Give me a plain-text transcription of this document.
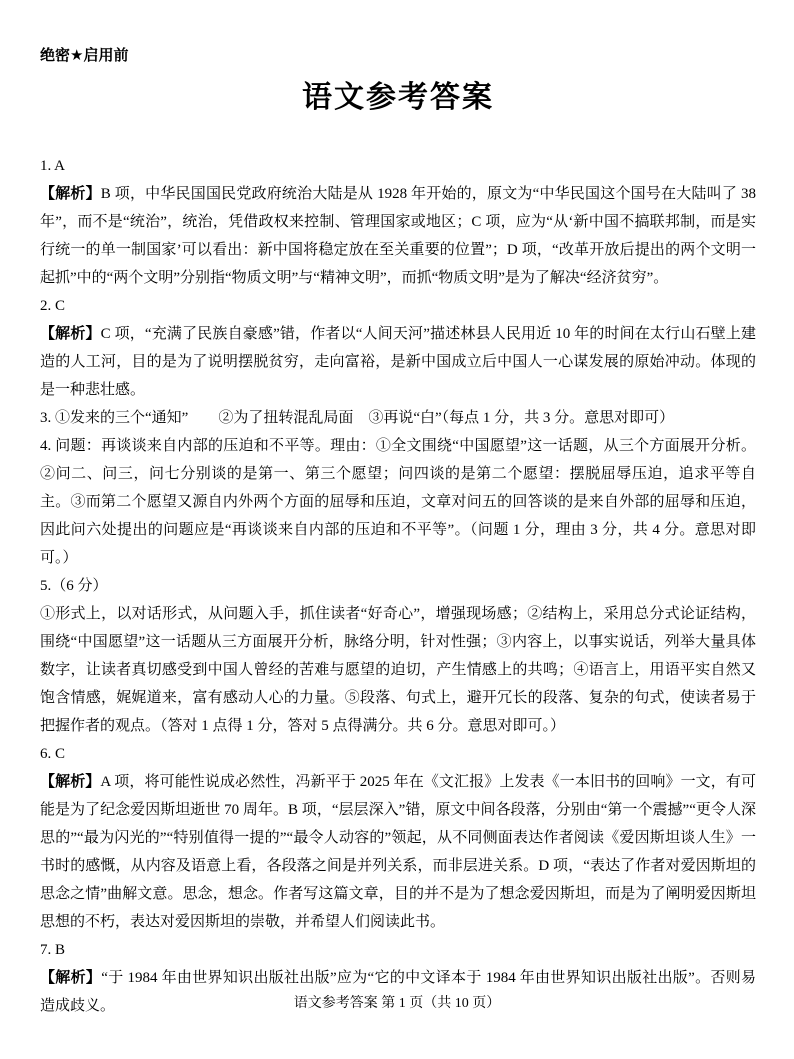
绝密★启用前
语文参考答案

1. A

【解析】B 项，中华民国国民党政府统治大陆是从 1928 年开始的，原文为“中华民国这个国号在大陆叫了 38 年”，而不是“统治”，统治，凭借政权来控制、管理国家或地区；C 项，应为“从‘新中国不搞联邦制，而是实行统一的单一制国家’可以看出：新中国将稳定放在至关重要的位置”；D 项，“改革开放后提出的两个文明一起抓”中的“两个文明”分别指“物质文明”与“精神文明”，而抓“物质文明”是为了解决“经济贫穷”。

2. C

【解析】C 项，“充满了民族自豪感”错，作者以“人间天河”描述林县人民用近 10 年的时间在太行山石壁上建造的人工河，目的是为了说明摆脱贫穷，走向富裕，是新中国成立后中国人一心谋发展的原始冲动。体现的是一种悲壮感。

3. ①发来的三个“通知”　　②为了扭转混乱局面　③再说“白”（每点 1 分，共 3 分。意思对即可）

4. 问题：再谈谈来自内部的压迫和不平等。理由：①全文围绕“中国愿望”这一话题，从三个方面展开分析。②问二、问三，问七分别谈的是第一、第三个愿望；问四谈的是第二个愿望：摆脱屈辱压迫，追求平等自主。③而第二个愿望又源自内外两个方面的屈辱和压迫，文章对问五的回答谈的是来自外部的屈辱和压迫，因此问六处提出的问题应是“再谈谈来自内部的压迫和不平等”。（问题 1 分，理由 3 分，共 4 分。意思对即可。）

5.（6 分）

①形式上，以对话形式，从问题入手，抓住读者“好奇心”，增强现场感；②结构上，采用总分式论证结构，围绕“中国愿望”这一话题从三方面展开分析，脉络分明，针对性强；③内容上，以事实说话，列举大量具体数字，让读者真切感受到中国人曾经的苦难与愿望的迫切，产生情感上的共鸣；④语言上，用语平实自然又饱含情感，娓娓道来，富有感动人心的力量。⑤段落、句式上，避开冗长的段落、复杂的句式，使读者易于把握作者的观点。（答对 1 点得 1 分，答对 5 点得满分。共 6 分。意思对即可。）

6. C

【解析】A 项，将可能性说成必然性，冯新平于 2025 年在《文汇报》上发表《一本旧书的回响》一文，有可能是为了纪念爱因斯坦逝世 70 周年。B 项，“层层深入”错，原文中间各段落，分别由“第一个震撼”“更令人深思的”“最为闪光的”“特别值得一提的”“最令人动容的”领起，从不同侧面表达作者阅读《爱因斯坦谈人生》一书时的感慨，从内容及语意上看，各段落之间是并列关系，而非层进关系。D 项，“表达了作者对爱因斯坦的思念之情”曲解文意。思念，想念。作者写这篇文章，目的并不是为了想念爱因斯坦，而是为了阐明爱因斯坦思想的不朽，表达对爱因斯坦的崇敬，并希望人们阅读此书。

7. B

【解析】“于 1984 年由世界知识出版社出版”应为“它的中文译本于 1984 年由世界知识出版社出版”。否则易造成歧义。	语文参考答案 第 1 页（共 10 页）
